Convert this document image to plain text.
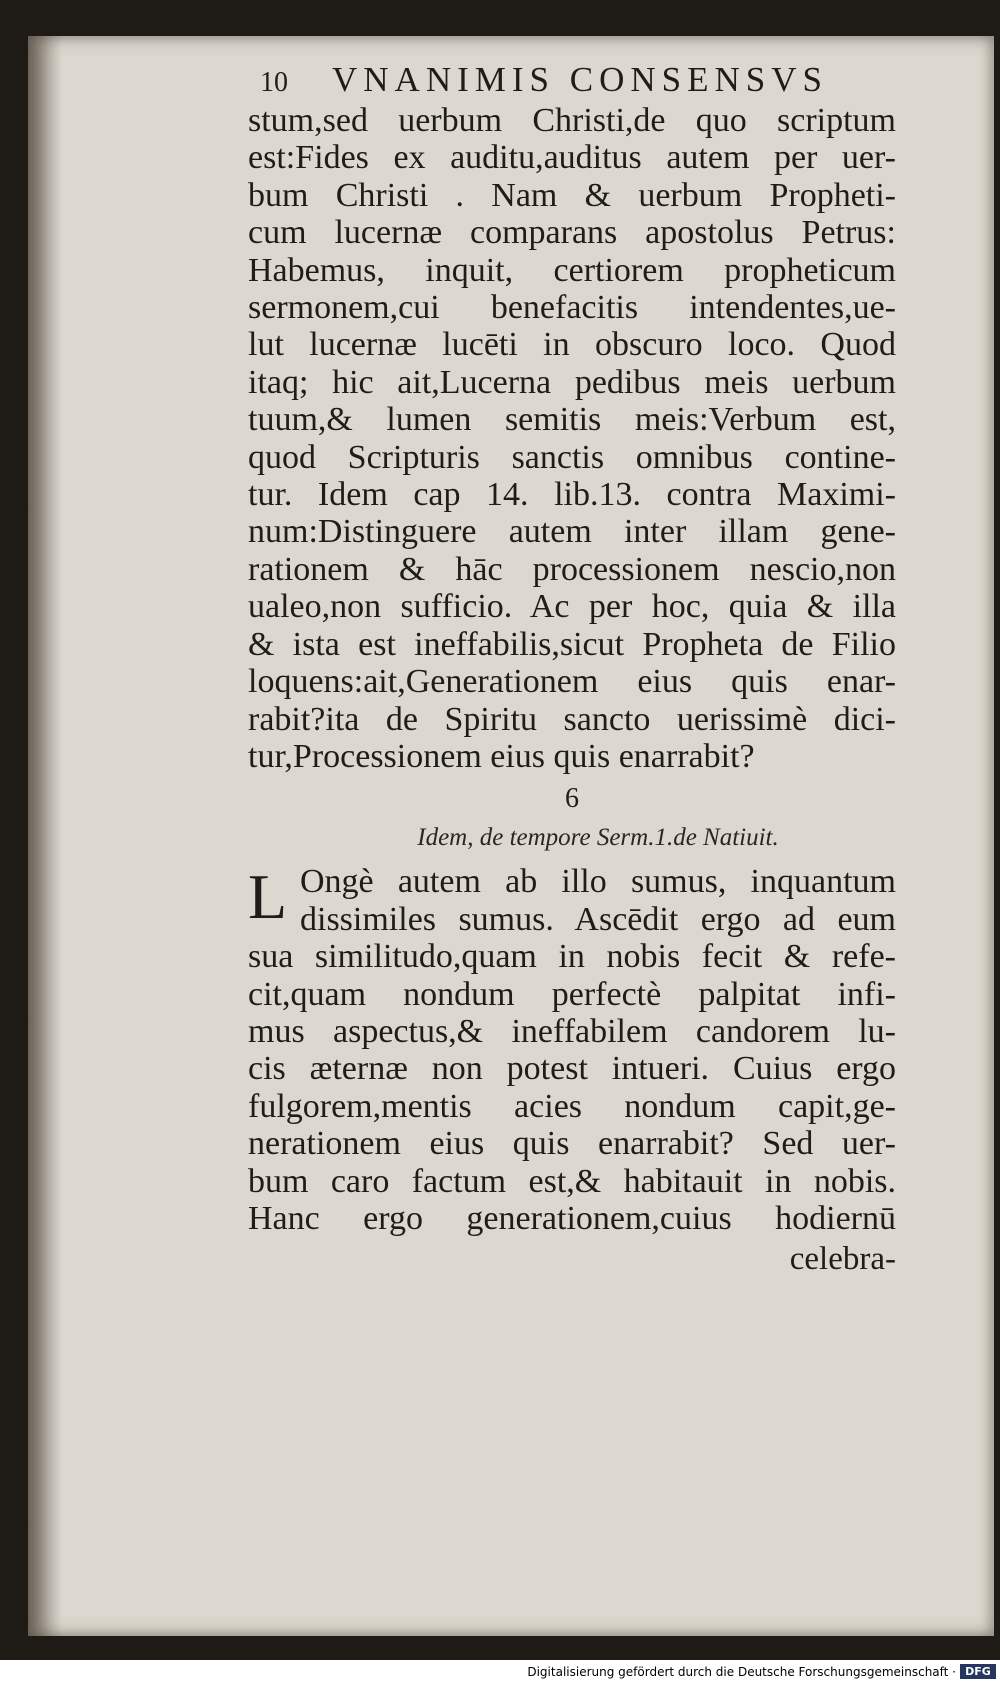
10	VNANIMIS CONSENSVS
stum,sed uerbum Christi,de quo scriptum
est:Fides ex auditu,auditus autem per uer-
bum Christi . Nam & uerbum Propheti-
cum lucernæ comparans apostolus Petrus:
Habemus, inquit, certiorem propheticum
sermonem,cui benefacitis intendentes,ue-
lut lucernæ lucēti in obscuro loco. Quod
itaq; hic ait,Lucerna pedibus meis uerbum
tuum,& lumen semitis meis:Verbum est,
quod Scripturis sanctis omnibus contine-
tur. Idem cap 14. lib.13. contra Maximi-
num:Distinguere autem inter illam gene-
rationem & hāc processionem nescio,non
ualeo,non sufficio. Ac per hoc, quia & illa
& ista est ineffabilis,sicut Propheta de Filio
loquens:ait,Generationem eius quis enar-
rabit?ita de Spiritu sancto uerissimè dici-
tur,Processionem eius quis enarrabit?
6
Idem, de tempore Serm.1.de Natiuit.
L Ongè autem ab illo sumus, inquantum
dissimiles sumus. Ascēdit ergo ad eum
sua similitudo,quam in nobis fecit & refe-
cit,quam nondum perfectè palpitat infi-
mus aspectus,& ineffabilem candorem lu-
cis æternæ non potest intueri. Cuius ergo
fulgorem,mentis acies nondum capit,ge-
nerationem eius quis enarrabit? Sed uer-
bum caro factum est,& habitauit in nobis.
Hanc ergo generationem,cuius hodiernū
celebra-
Digitalisierung gefördert durch die Deutsche Forschungsgemeinschaft · DFG
